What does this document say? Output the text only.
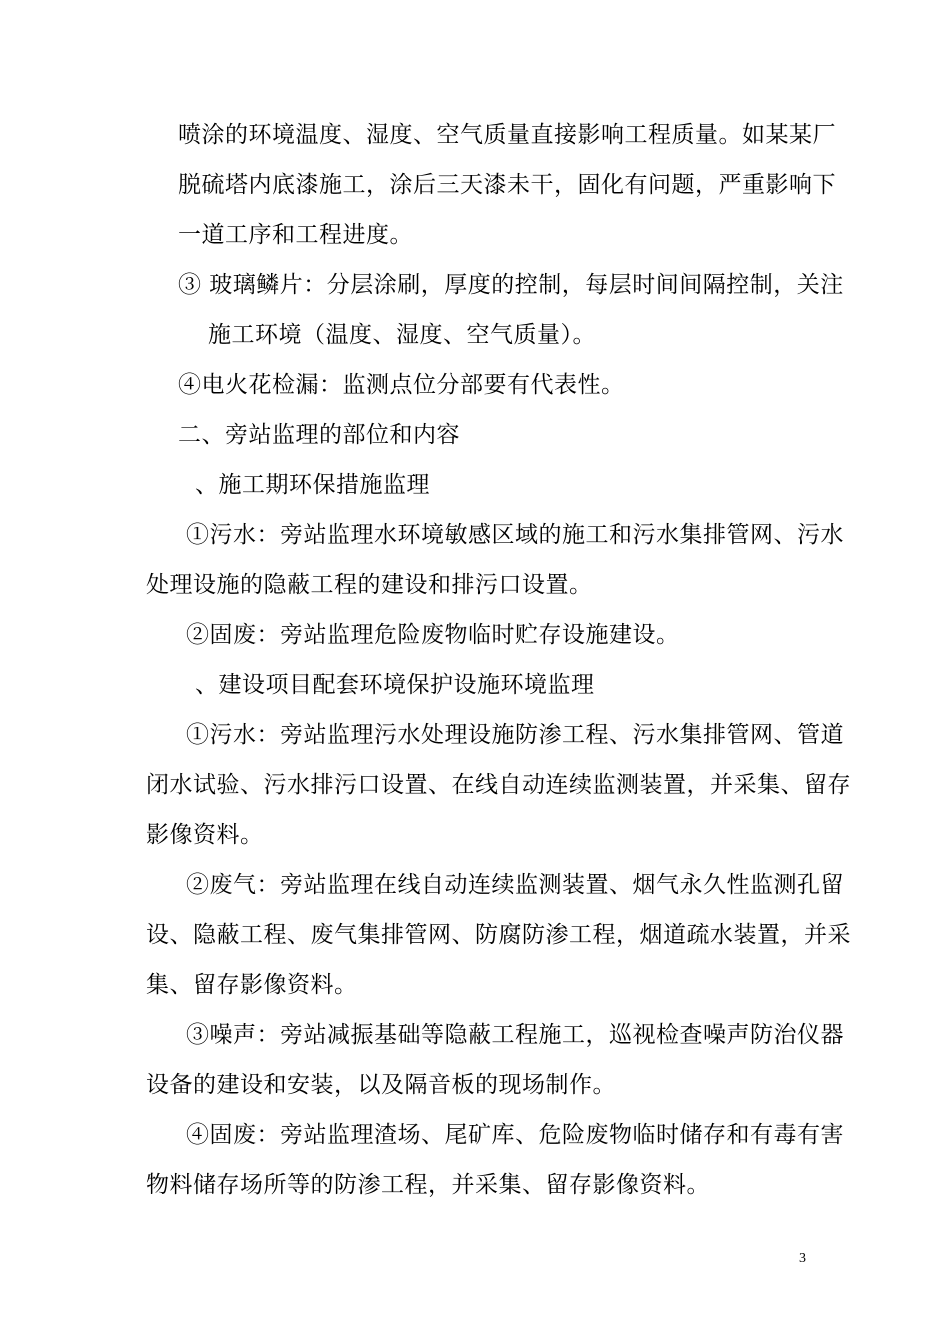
喷涂的环境温度、湿度、空气质量直接影响工程质量。如某某厂
脱硫塔内底漆施工，涂后三天漆未干，固化有问题，严重影响下
一道工序和工程进度。
③ 玻璃鳞片：分层涂刷，厚度的控制，每层时间间隔控制，关注
施工环境（温度、湿度、空气质量）。
④电火花检漏：监测点位分部要有代表性。
二、旁站监理的部位和内容
、施工期环保措施监理
①污水：旁站监理水环境敏感区域的施工和污水集排管网、污水
处理设施的隐蔽工程的建设和排污口设置。
②固废：旁站监理危险废物临时贮存设施建设。
、建设项目配套环境保护设施环境监理
①污水：旁站监理污水处理设施防渗工程、污水集排管网、管道
闭水试验、污水排污口设置、在线自动连续监测装置，并采集、留存
影像资料。
②废气：旁站监理在线自动连续监测装置、烟气永久性监测孔留
设、隐蔽工程、废气集排管网、防腐防渗工程，烟道疏水装置，并采
集、留存影像资料。
③噪声：旁站减振基础等隐蔽工程施工，巡视检查噪声防治仪器
设备的建设和安装，以及隔音板的现场制作。
④固废：旁站监理渣场、尾矿库、危险废物临时储存和有毒有害
物料储存场所等的防渗工程，并采集、留存影像资料。
3
